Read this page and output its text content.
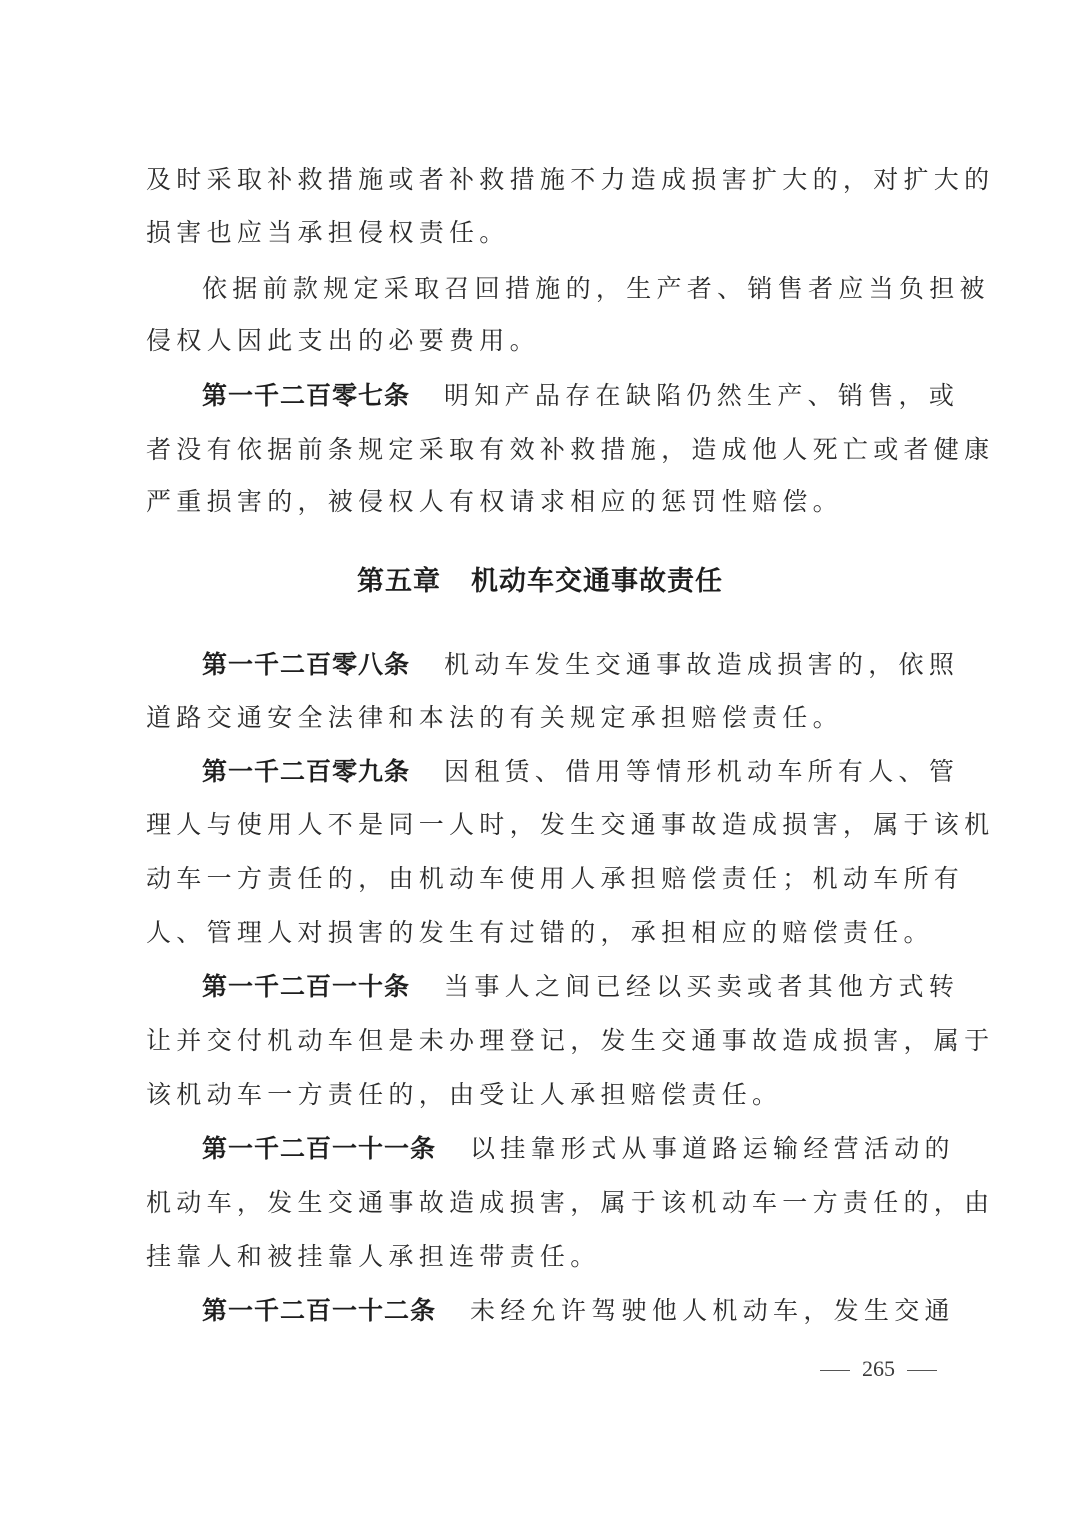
及时采取补救措施或者补救措施不力造成损害扩大的，对扩大的
损害也应当承担侵权责任。
依据前款规定采取召回措施的，生产者、销售者应当负担被
侵权人因此支出的必要费用。
第一千二百零七条 明知产品存在缺陷仍然生产、销售，或
者没有依据前条规定采取有效补救措施，造成他人死亡或者健康
严重损害的，被侵权人有权请求相应的惩罚性赔偿。
第五章 机动车交通事故责任
第一千二百零八条 机动车发生交通事故造成损害的，依照
道路交通安全法律和本法的有关规定承担赔偿责任。
第一千二百零九条 因租赁、借用等情形机动车所有人、管
理人与使用人不是同一人时，发生交通事故造成损害，属于该机
动车一方责任的，由机动车使用人承担赔偿责任；机动车所有
人、管理人对损害的发生有过错的，承担相应的赔偿责任。
第一千二百一十条 当事人之间已经以买卖或者其他方式转
让并交付机动车但是未办理登记，发生交通事故造成损害，属于
该机动车一方责任的，由受让人承担赔偿责任。
第一千二百一十一条 以挂靠形式从事道路运输经营活动的
机动车，发生交通事故造成损害，属于该机动车一方责任的，由
挂靠人和被挂靠人承担连带责任。
第一千二百一十二条 未经允许驾驶他人机动车，发生交通
265
